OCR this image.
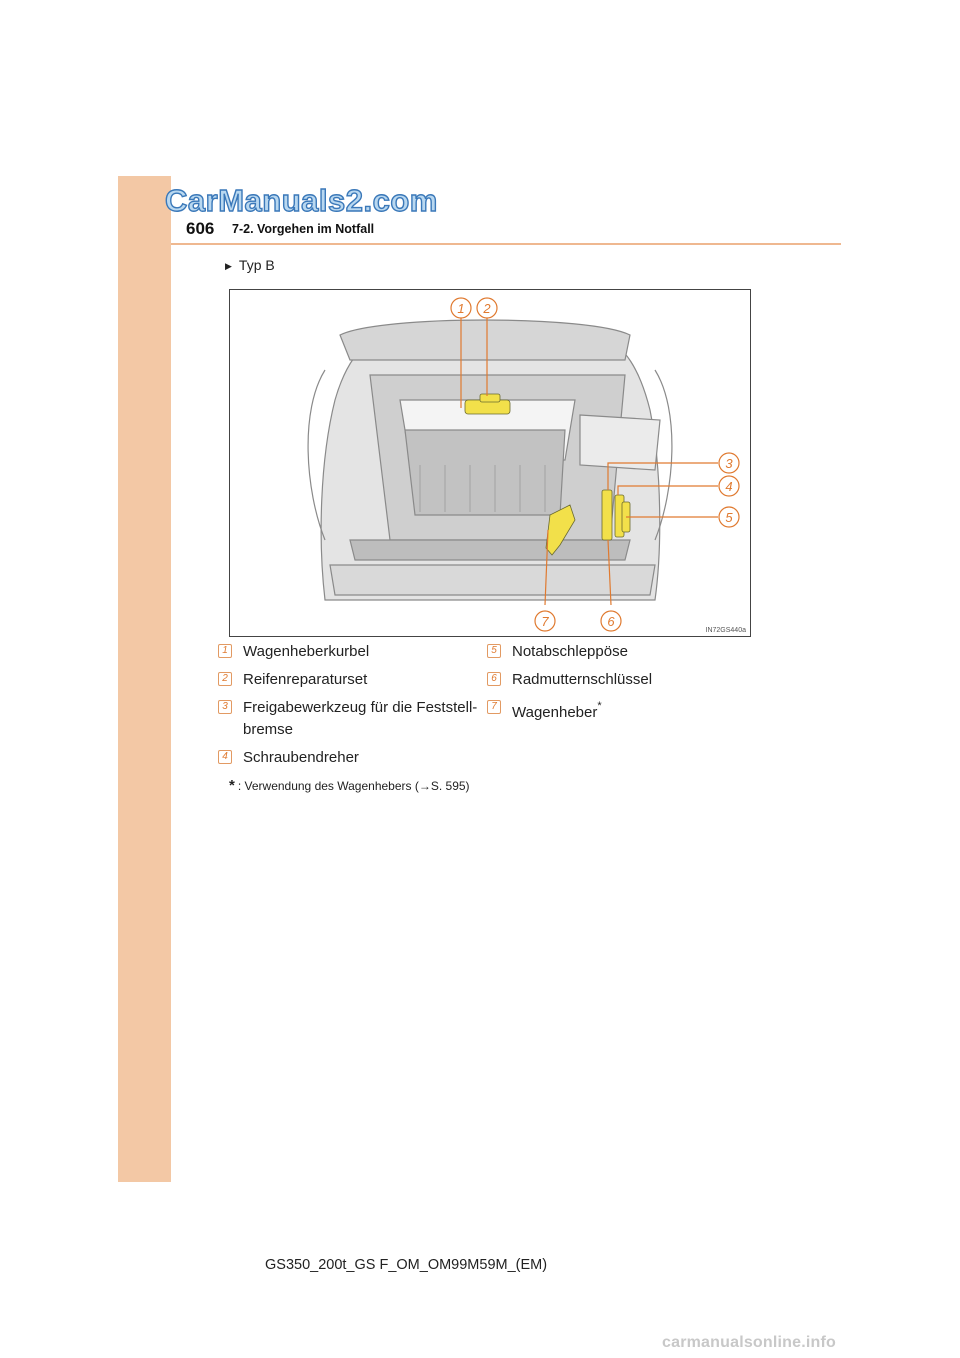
CarManuals2.com
606 7-2. Vorgehen im Notfall
▶ Typ B
1 2
3
4
5
6
7
IN72GS440a
1 Wagenheberkurbel
2 Reifenreparaturset
3 Freigabewerkzeug für die Feststell-
bremse
4 Schraubendreher
5 Notabschleppöse
6 Radmutternschlüssel
7 Wagenheber*
* : Verwendung des Wagenhebers (→S. 595)
GS350_200t_GS F_OM_OM99M59M_(EM)
carmanualsonline.info
